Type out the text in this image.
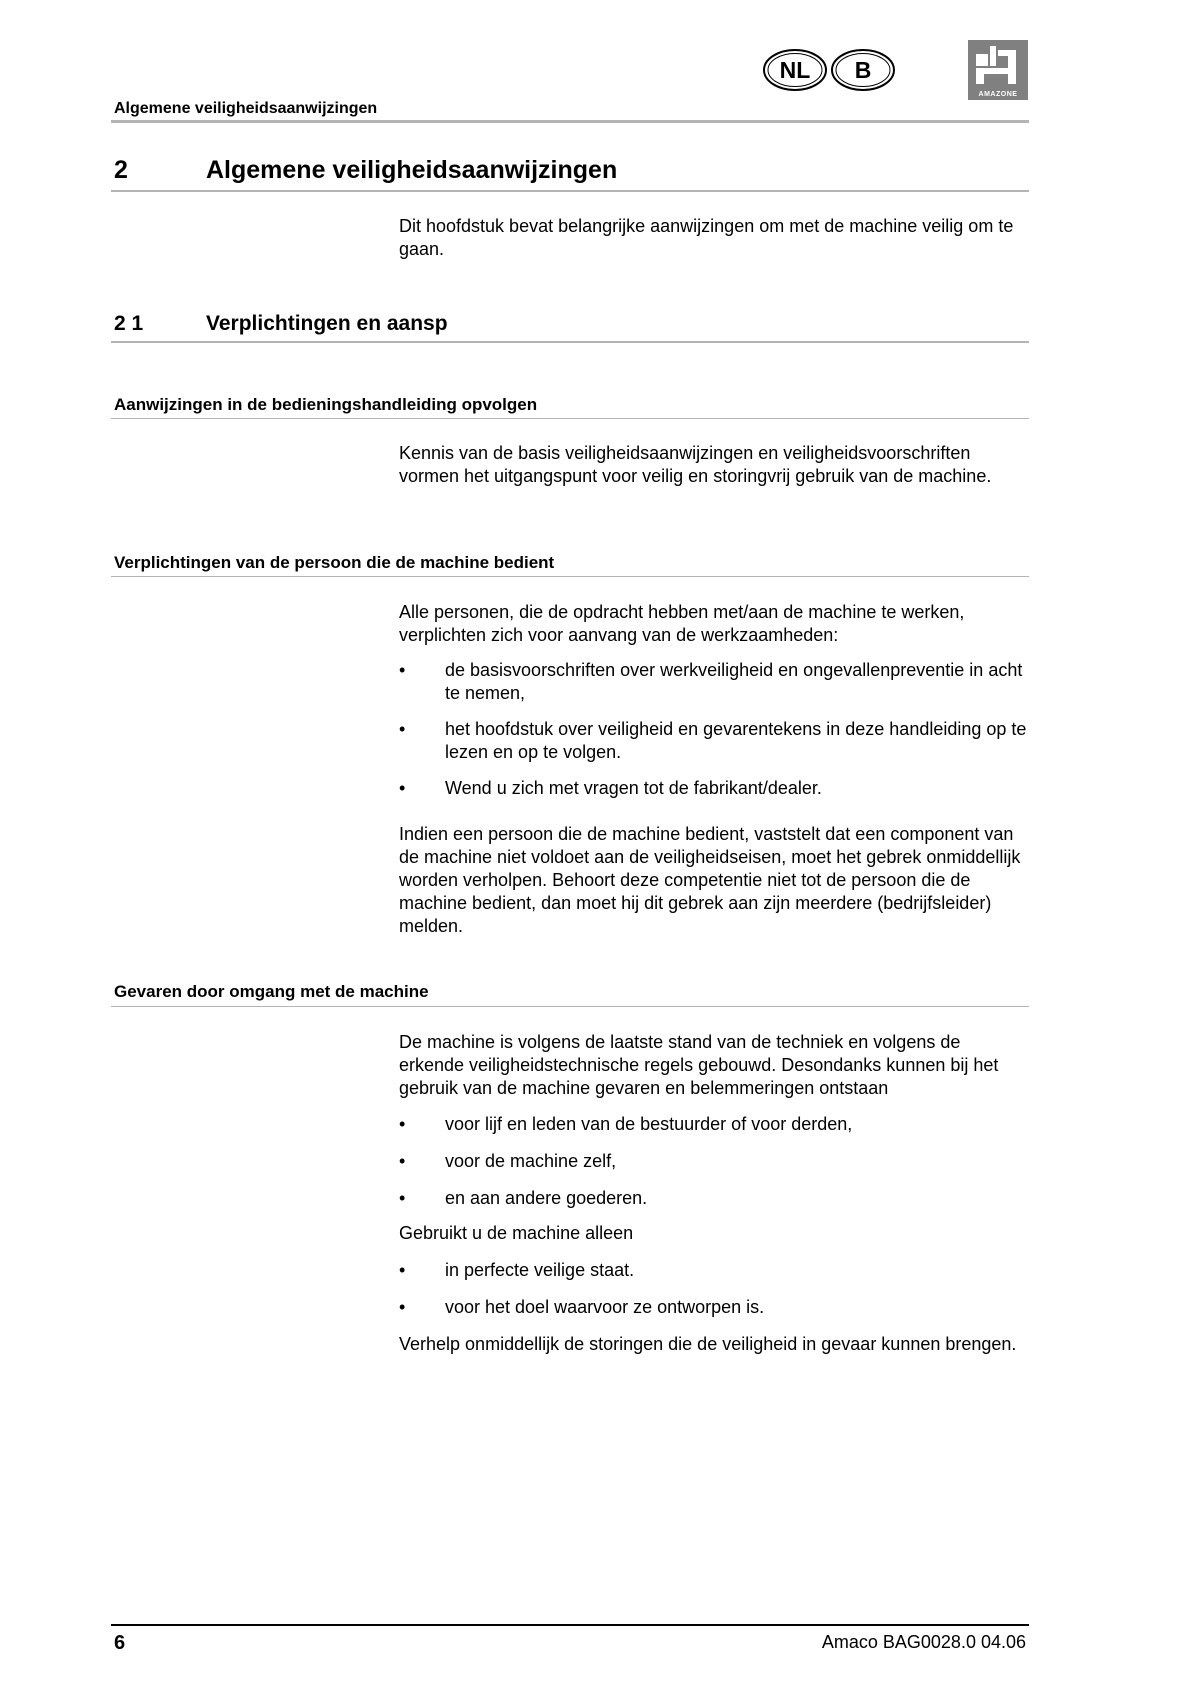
Algemene veiligheidsaanwijzingen
NL B
AMAZONE
2	Algemene veiligheidsaanwijzingen

Dit hoofdstuk bevat belangrijke aanwijzingen om met de machine veilig om te gaan.

2 1	Verplichtingen en aansp
Aanwijzingen in de bedieningshandleiding opvolgen

Kennis van de basis veiligheidsaanwijzingen en veiligheidsvoorschriften vormen het uitgangspunt voor veilig en storingvrij gebruik van de machine.

Verplichtingen van de persoon die de machine bedient

Alle personen, die de opdracht hebben met/aan de machine te werken, verplichten zich voor aanvang van de werkzaamheden:

• de basisvoorschriften over werkveiligheid en ongevallenpreventie in acht te nemen,
• het hoofdstuk over veiligheid en gevarentekens in deze handleiding op te lezen en op te volgen.
• Wend u zich met vragen tot de fabrikant/dealer.

Indien een persoon die de machine bedient, vaststelt dat een component van de machine niet voldoet aan de veiligheidseisen, moet het gebrek onmiddellijk worden verholpen. Behoort deze competentie niet tot de persoon die de machine bedient, dan moet hij dit gebrek aan zijn meerdere (bedrijfsleider) melden.

Gevaren door omgang met de machine

De machine is volgens de laatste stand van de techniek en volgens de erkende veiligheidstechnische regels gebouwd. Desondanks kunnen bij het gebruik van de machine gevaren en belemmeringen ontstaan

• voor lijf en leden van de bestuurder of voor derden,
• voor de machine zelf,
• en aan andere goederen.

Gebruikt u de machine alleen

• in perfecte veilige staat.
• voor het doel waarvoor ze ontworpen is.

Verhelp onmiddellijk de storingen die de veiligheid in gevaar kunnen brengen.

6	Amaco BAG0028.0 04.06
